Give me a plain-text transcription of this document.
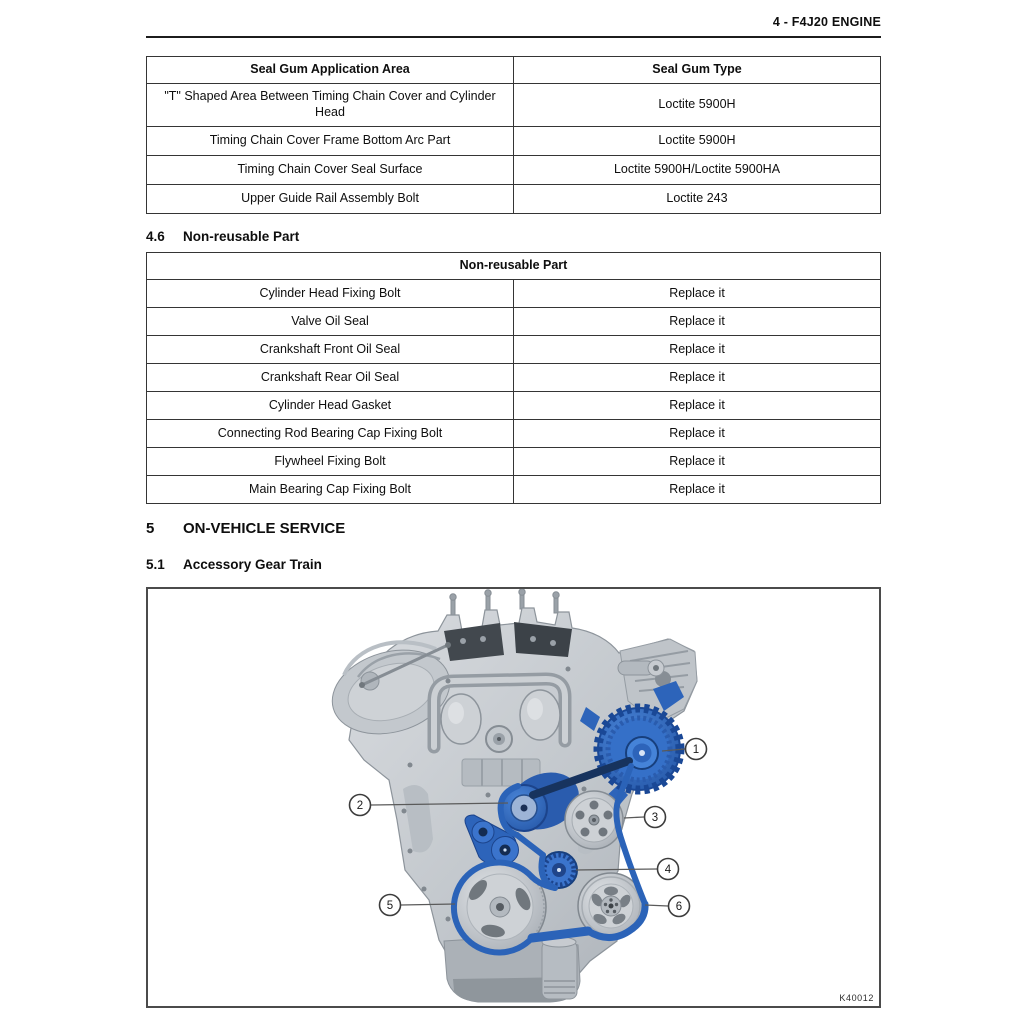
4 - F4J20 ENGINE
Seal Gum Application Area	Seal Gum Type
"T" Shaped Area Between Timing Chain Cover and Cylinder Head	Loctite 5900H
Timing Chain Cover Frame Bottom Arc Part	Loctite 5900H
Timing Chain Cover Seal Surface	Loctite 5900H/Loctite 5900HA
Upper Guide Rail Assembly Bolt	Loctite 243
4.6 Non-reusable Part
Non-reusable Part	
Cylinder Head Fixing Bolt	Replace it
Valve Oil Seal	Replace it
Crankshaft Front Oil Seal	Replace it
Crankshaft Rear Oil Seal	Replace it
Cylinder Head Gasket	Replace it
Connecting Rod Bearing Cap Fixing Bolt	Replace it
Flywheel Fixing Bolt	Replace it
Main Bearing Cap Fixing Bolt	Replace it
5 ON-VEHICLE SERVICE
5.1 Accessory Gear Train
1
2
3
4
5	6
K40012
